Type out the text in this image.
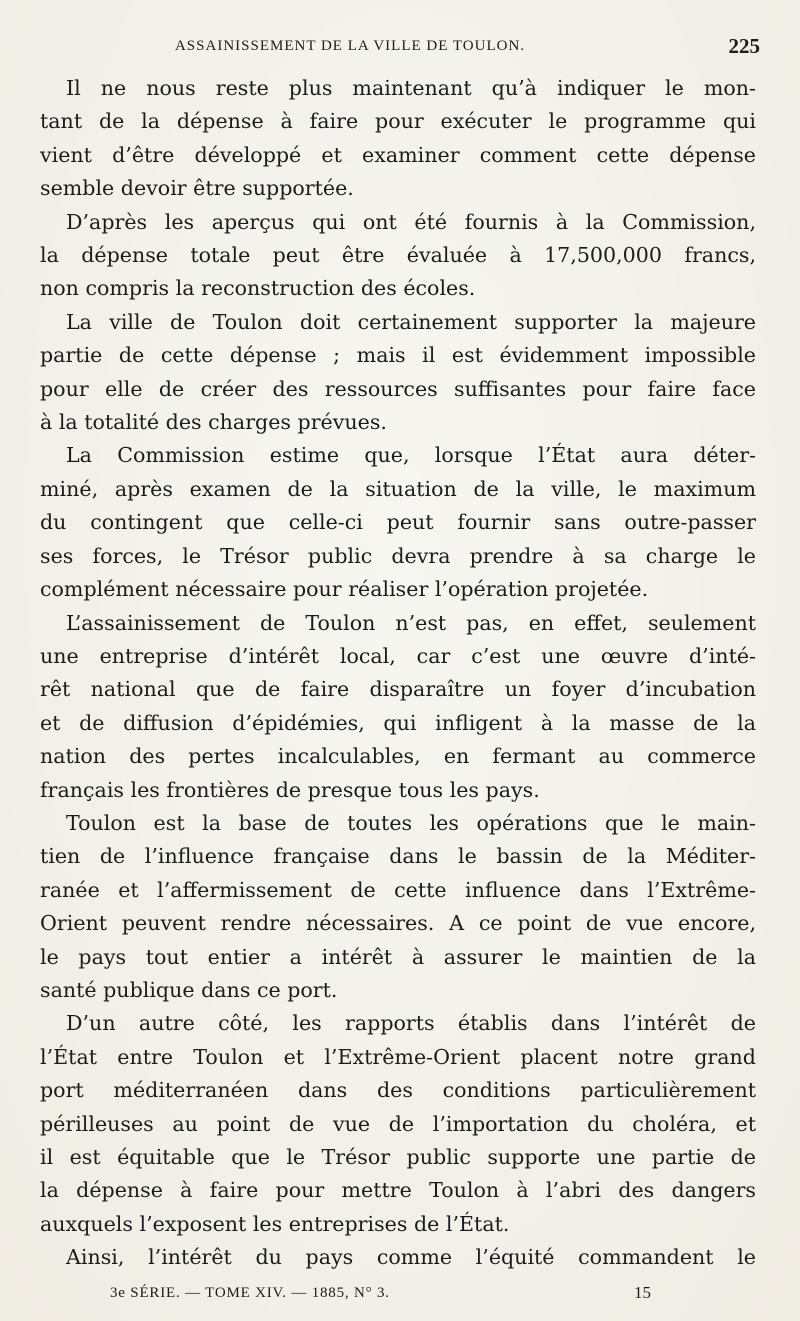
ASSAINISSEMENT DE LA VILLE DE TOULON.	225

Il ne nous reste plus maintenant qu’à indiquer le mon-
tant de la dépense à faire pour exécuter le programme qui
vient d’être développé et examiner comment cette dépense
semble devoir être supportée.

D’après les aperçus qui ont été fournis à la Commission,
la dépense totale peut être évaluée à 17,500,000 francs,
non compris la reconstruction des écoles.

La ville de Toulon doit certainement supporter la majeure
partie de cette dépense ; mais il est évidemment impossible
pour elle de créer des ressources suffisantes pour faire face
à la totalité des charges prévues.

La Commission estime que, lorsque l’État aura déter-
miné, après examen de la situation de la ville, le maximum
du contingent que celle-ci peut fournir sans outre-passer
ses forces, le Trésor public devra prendre à sa charge le
complément nécessaire pour réaliser l’opération projetée.

L’assainissement de Toulon n’est pas, en effet, seulement
une entreprise d’intérêt local, car c’est une œuvre d’inté-
rêt national que de faire disparaître un foyer d’incubation
et de diffusion d’épidémies, qui infligent à la masse de la
nation des pertes incalculables, en fermant au commerce
français les frontières de presque tous les pays.

Toulon est la base de toutes les opérations que le main-
tien de l’influence française dans le bassin de la Méditer-
ranée et l’affermissement de cette influence dans l’Extrême-
Orient peuvent rendre nécessaires. A ce point de vue encore,
le pays tout entier a intérêt à assurer le maintien de la
santé publique dans ce port.

D’un autre côté, les rapports établis dans l’intérêt de
l’État entre Toulon et l’Extrême-Orient placent notre grand
port méditerranéen dans des conditions particulièrement
périlleuses au point de vue de l’importation du choléra, et
il est équitable que le Trésor public supporte une partie de
la dépense à faire pour mettre Toulon à l’abri des dangers
auxquels l’exposent les entreprises de l’État.

Ainsi, l’intérêt du pays comme l’équité commandent le

3e SÉRIE. — TOME XIV. — 1885, N° 3.	15
